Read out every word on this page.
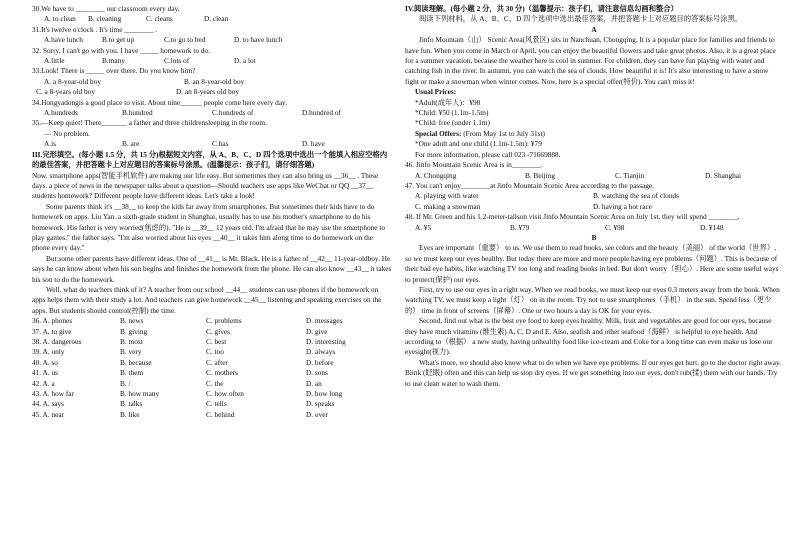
30.We have to ________ our classroom every day.
A. to clean	B. cleaning	C. cleans	D. clean
31.It's twelve o'clock . It's time ________ .
A.have lunch	B.to get up	C.to go to bed	D. to have lunch
32. Sorry. I can't go with you. I have _____ homework to do.
A.little	B.many	C.lots of	D. a lot
33.Look! There is _____ over there. Do you know him?
A. a 8-year-old boy	B. an 8-year-old boy
C. a 8-years old boy	D. an 8-years old boy
34.Hongyadongis a good place to visit. About nine______ people come here every day.
A.hundreds	B.hundred	C.hundreds of	D.hundred of
35.—Keep quiet! There_______ a father and three childrensleeping in the room.
— No problem.
A.is	B. are	C.has	D. have

III.完形填空。(每小题 1.5 分，共 15 分)根据短文内容，从 A、B、C、D 四个选项中选出一个能填入相应空格内的最佳答案，并把答题卡上对应题目的答案标号涂黑。(温馨提示：孩子们，请仔细答题)

Now. smartphone apps(智能手机软件) are making our life easy. But sometimes they can also bring us __36__ . These days. a piece of news in the newspaper talks about a question—Should teachers use apps like WeChat or QQ __37__ students homework? Different people have different ideas. Let's take a look!

Some parents think it's __38__ to keep the kids far away from smartphones. But sometimes their kids have to do homework on apps. Liu Yan. a sixth-grade student in Shanghai, usually has to use his mother's smartphone to do his homework. His father is very worried(焦虑的). "He is __39__ 12 years old. I'm afraid that he may use the smartphone to play games." the father says. "I'm also worried about his eyes __40__ it takes him along time to do homework on the phone every day."

But some other parents have different ideas. One of __41__ is Mr. Black. He is a father of __42__ 11-year-oldboy. He says he can know about when his son begins and finishes the homework from the phone. He can also know __43__ it takes his son to do the homework.

Well. what do teachers think of it? A teacher from our school __44__ students can use phones if the homework on apps helps them with their study a lot. And teachers can give homework __45__ listening and speaking exercises on the apps. But students should control(控制) the time.

36. A. phones	B. news	C. problems	D. messages
37. A. to give	B. giving	C. gives	D. give
38. A. dangerous	B. most	C. best	D. interesting
39. A. only	B. very	C. too	D. always
40. A. so	B. because	C. after	D. before
41. A. us	B. them	C. mothers	D. sons
42. A. a	B. /	C. the	D. an
43. A. how far	B. how many	C. how often	D. how long
44. A. says	B. talks	C. tells	D. speaks
45. A. near	B. like	C. behind	D. over

IV.阅读理解。(每小题 2 分，共 30 分)（温馨提示：孩子们，请注意信息勾画和整合）

阅读下列材料，从 A、B、C、D 四个选项中选出最佳答案，并把答题卡上对应题目的答案标号涂黑。

A

Jinfo Mountain（山） Scenic Area(风景区) sits in Nanchuan, Chongqing. It is a popular place for families and friends to have fun. When you come in March or April, you can enjoy the beautiful flowers and take great photos. Also, it is a great place for a summer vacation, because the weather here is cool in summer. For children, they can have fun playing with water and catching fish in the river. In autumn, you can watch the sea of clouds. How beautiful it is! It's also interesting to have a snow fight or make a snowman when winter comes. Now, here is a special offer(特价). You can't miss it!

Usual Prices:
*Adult(成年人)：¥98
*Child: ¥50 (1.1m-1.5m)
*Child: free (under 1.1m)
Special Offers: (From May 1st to July 31st)
*One adult and one child (1.1m-1.5m): ¥79
For more information, please call 023 -71669888.
46. Jinfo Mountain Scenic Area is in________.
A. Chongqing	B. Beijing	C. Tianjin	D. Shanghai
47. You can't enjoy________at Jinfo Mountain Scenic Area according to the passage.
A. playing with water	B. watching the sea of clouds
C. making a snowman	D. having a hot race

48. If Mr. Green and his 1.2-meter-tallson visit Jinfo Mountain Scenic Area on July 1st, they will spend ________.

A. ¥5	B. ¥79	C. ¥98	D. ¥148
B

Eyes are important（重要） to us. We use them to read books, see colors and the beauty（美丽） of the world（世界）, so we must keep our eyes healthy. But today there are more and more people having eye problems（问题）. This is because of their bad eye habits, like watching TV too long and reading books in bed. But don't worry（担心）. Here are some useful ways to protect(保护) our eyes.

First, try to use our eyes in a right way. When we read books, we must keep our eyes 0.3 meters away from the book. When watching TV, we must keep a light（灯） on in the room. Try not to use smartphones（手机） in the sun. Spend less（更少的） time in front of screens（屏幕）. One or two hours a day is OK for your eyes.

Second, find out what is the best eye food to keep eyes healthy. Milk, fruit and vegetables are good for our eyes, because they have much vitamins (维生素) A, C, D and E. Also, seafish and other seafood（海鲜） is helpful to eye health. And according to（根据） a new study, having unhealthy food like ice-cream and Coke for a long time can even make us lose our eyesight(视力).

What's more, we should also know what to do when we have eye problems. If our eyes get hurt, go to the doctor right away. Blink (眨眼) often and this can help us stop dry eyes. If we get something into our eyes, don't rub(揉) them with our hands. Try to use clean water to wash them.
